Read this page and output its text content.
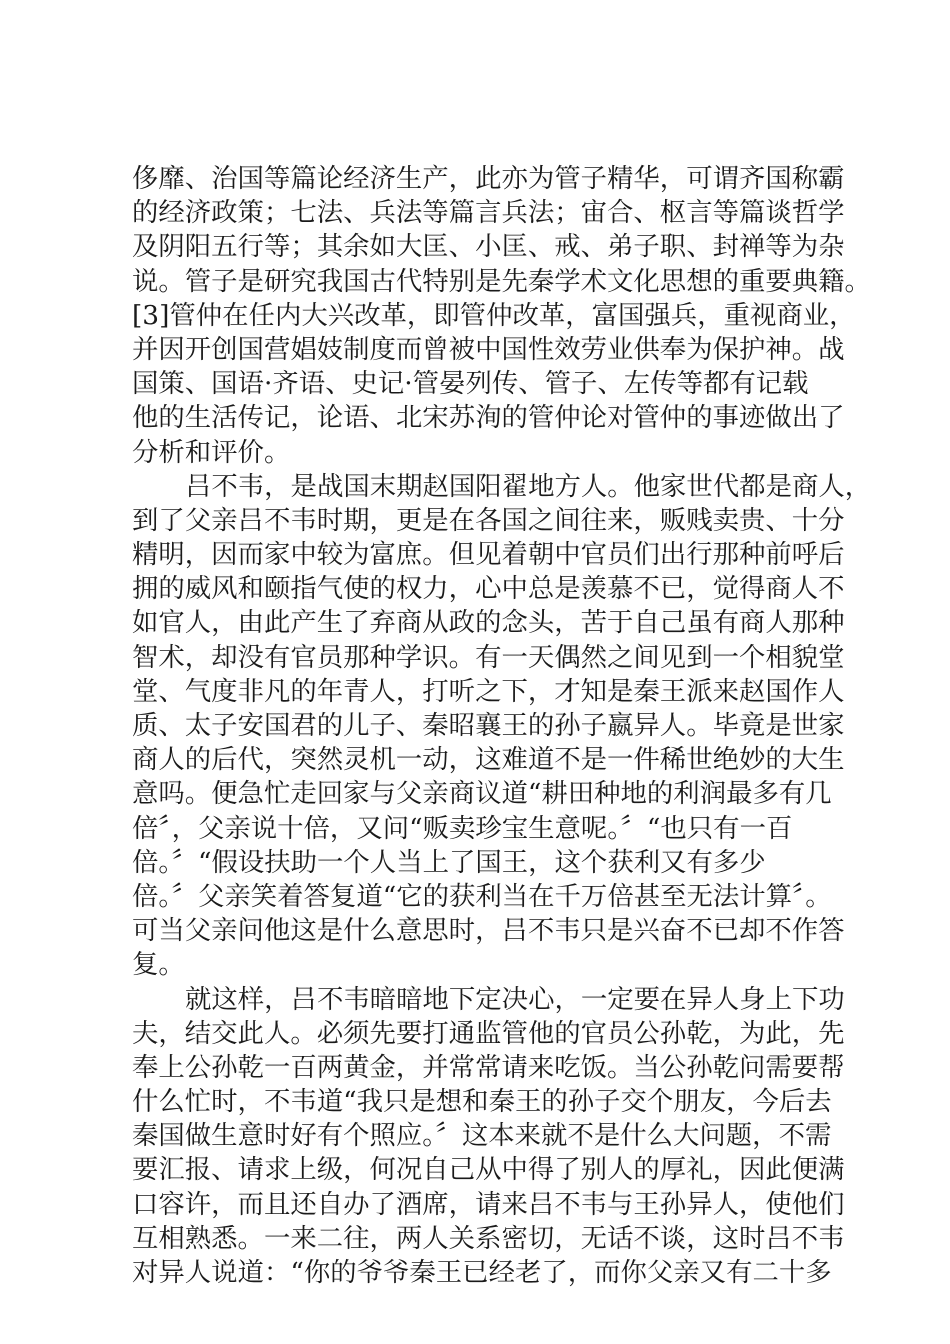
侈靡、治国等篇论经济生产，此亦为管子精华，可谓齐国称霸
的经济政策；七法、兵法等篇言兵法；宙合、枢言等篇谈哲学
及阴阳五行等；其余如大匡、小匡、戒、弟子职、封禅等为杂
说。管子是研究我国古代特别是先秦学术文化思想的重要典籍。
[3]管仲在任内大兴改革，即管仲改革，富国强兵，重视商业，
并因开创国营娼妓制度而曾被中国性效劳业供奉为保护神。战
国策、国语·齐语、史记·管晏列传、管子、左传等都有记载
他的生活传记，论语、北宋苏洵的管仲论对管仲的事迹做出了
分析和评价。
吕不韦，是战国末期赵国阳翟地方人。他家世代都是商人，
到了父亲吕不韦时期，更是在各国之间往来，贩贱卖贵、十分
精明，因而家中较为富庶。但见着朝中官员们出行那种前呼后
拥的威风和颐指气使的权力，心中总是羡慕不已，觉得商人不
如官人，由此产生了弃商从政的念头，苦于自己虽有商人那种
智术，却没有官员那种学识。有一天偶然之间见到一个相貌堂
堂、气度非凡的年青人，打听之下，才知是秦王派来赵国作人
质、太子安国君的儿子、秦昭襄王的孙子嬴异人。毕竟是世家
商人的后代，突然灵机一动，这难道不是一件稀世绝妙的大生
意吗。便急忙走回家与父亲商议道“耕田种地的利润最多有几
倍〞，父亲说十倍，又问“贩卖珍宝生意呢。〞“也只有一百
倍。〞“假设扶助一个人当上了国王，这个获利又有多少
倍。〞父亲笑着答复道“它的获利当在千万倍甚至无法计算〞。
可当父亲问他这是什么意思时，吕不韦只是兴奋不已却不作答
复。
就这样，吕不韦暗暗地下定决心，一定要在异人身上下功
夫，结交此人。必须先要打通监管他的官员公孙乾，为此，先
奉上公孙乾一百两黄金，并常常请来吃饭。当公孙乾问需要帮
什么忙时，不韦道“我只是想和秦王的孙子交个朋友，今后去
秦国做生意时好有个照应。〞这本来就不是什么大问题，不需
要汇报、请求上级，何况自己从中得了别人的厚礼，因此便满
口容许，而且还自办了酒席，请来吕不韦与王孙异人，使他们
互相熟悉。一来二往，两人关系密切，无话不谈，这时吕不韦
对异人说道：“你的爷爷秦王已经老了，而你父亲又有二十多
